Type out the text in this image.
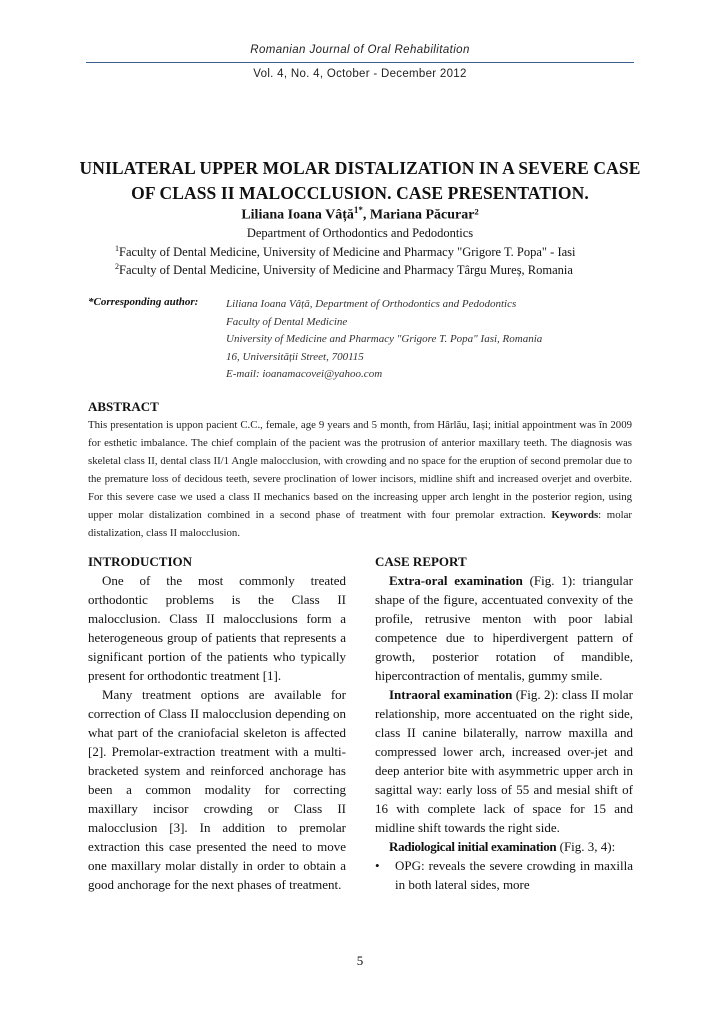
Romanian Journal of Oral Rehabilitation
Vol. 4, No. 4, October - December 2012
UNILATERAL UPPER MOLAR DISTALIZATION IN A SEVERE CASE
OF CLASS II MALOCCLUSION. CASE PRESENTATION.
Liliana Ioana Vâță$^{1*}$, Mariana Păcurar²
Department of Orthodontics and Pedodontics
$^1$Faculty of Dental Medicine, University of Medicine and Pharmacy "Grigore T. Popa" - Iasi
$^2$Faculty of Dental Medicine, University of Medicine and Pharmacy Târgu Mureș, Romania
*Corresponding author:	Liliana Ioana Vâță, Department of Orthodontics and Pedodontics
Faculty of Dental Medicine
University of Medicine and Pharmacy "Grigore T. Popa" Iasi, Romania
16, Universității Street, 700115
E-mail: ioanamacovei@yahoo.com
ABSTRACT
This presentation is uppon pacient C.C., female, age 9 years and 5 month, from Hârlău, Iași; initial appointment was în 2009 for esthetic imbalance. The chief complain of the pacient was the protrusion of anterior maxillary teeth. The diagnosis was skeletal class II, dental class II/1 Angle malocclusion, with crowding and no space for the eruption of second premolar due to the premature loss of decidous teeth, severe proclination of lower incisors, midline shift and increased overjet and overbite. For this severe case we used a class II mechanics based on the increasing upper arch lenght in the posterior region, using upper molar distalization combined in a second phase of treatment with four premolar extraction. Keywords: molar distalization, class II malocclusion.
INTRODUCTION

One of the most commonly treated orthodontic problems is the Class II malocclusion. Class II malocclusions form a heterogeneous group of patients that represents a significant portion of the patients who typically present for orthodontic treatment [1].

Many treatment options are available for correction of Class II malocclusion depending on what part of the craniofacial skeleton is affected [2]. Premolar-extraction treatment with a multi-bracketed system and reinforced anchorage has been a common modality for correcting maxillary incisor crowding or Class II malocclusion [3]. In addition to premolar extraction this case presented the need to move one maxillary molar distally in order to obtain a good anchorage for the next phases of treatment.

CASE REPORT

Extra-oral examination (Fig. 1): triangular shape of the figure, accentuated convexity of the profile, retrusive menton with poor labial competence due to hiperdivergent pattern of growth, posterior rotation of mandible, hipercontraction of mentalis, gummy smile.

Intraoral examination (Fig. 2): class II molar relationship, more accentuated on the right side, class II canine bilaterally, narrow maxilla and compressed lower arch, increased over-jet and deep anterior bite with asymmetric upper arch in sagittal way: early loss of 55 and mesial shift of 16 with complete lack of space for 15 and midline shift towards the right side.

Radiological initial examination (Fig. 3, 4):

• OPG: reveals the severe crowding in maxilla in both lateral sides, more

5
